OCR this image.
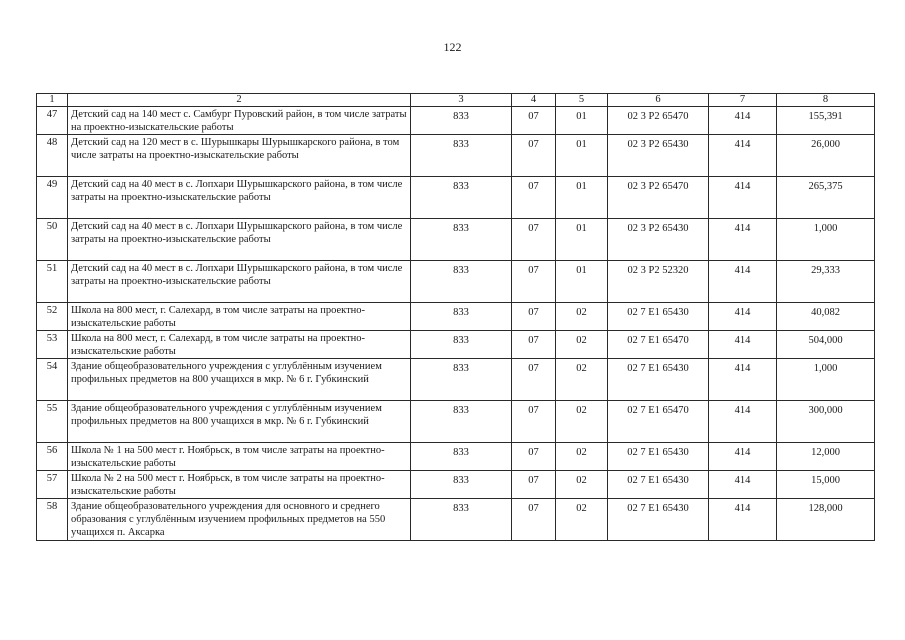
122
1	2	3	4	5	6	7	8
47	Детский сад на 140 мест с. Самбург Пуровский район, в том числе затраты на проектно-изыскательские работы	833	07	01	02 3 P2 65470	414	155,391
48	Детский сад на 120 мест в с. Шурышкары Шурышкарского района, в том числе затраты на проектно-изыскательские работы	833	07	01	02 3 P2 65430	414	26,000
49	Детский сад на 40 мест в с. Лопхари Шурышкарского района, в том числе затраты на проектно-изыскательские работы	833	07	01	02 3 P2 65470	414	265,375
50	Детский сад на 40 мест в с. Лопхари Шурышкарского района, в том числе затраты на проектно-изыскательские работы	833	07	01	02 3 P2 65430	414	1,000
51	Детский сад на 40 мест в с. Лопхари Шурышкарского района, в том числе затраты на проектно-изыскательские работы	833	07	01	02 3 P2 52320	414	29,333
52	Школа на 800 мест, г. Салехард, в том числе затраты на проектно-изыскательские работы	833	07	02	02 7 E1 65430	414	40,082
53	Школа на 800 мест, г. Салехард, в том числе затраты на проектно-изыскательские работы	833	07	02	02 7 E1 65470	414	504,000
54	Здание общеобразовательного учреждения с углублённым изучением профильных предметов на 800 учащихся в мкр. № 6 г. Губкинский	833	07	02	02 7 E1 65430	414	1,000
55	Здание общеобразовательного учреждения с углублённым изучением профильных предметов на 800 учащихся в мкр. № 6 г. Губкинский	833	07	02	02 7 E1 65470	414	300,000
56	Школа № 1 на 500 мест г. Ноябрьск, в том числе затраты на проектно-изыскательские работы	833	07	02	02 7 E1 65430	414	12,000
57	Школа № 2 на 500 мест г. Ноябрьск, в том числе затраты на проектно-изыскательские работы	833	07	02	02 7 E1 65430	414	15,000
58	Здание общеобразовательного учреждения для основного и среднего образования с углублённым изучением профильных предметов на 550 учащихся п. Аксарка	833	07	02	02 7 E1 65430	414	128,000
